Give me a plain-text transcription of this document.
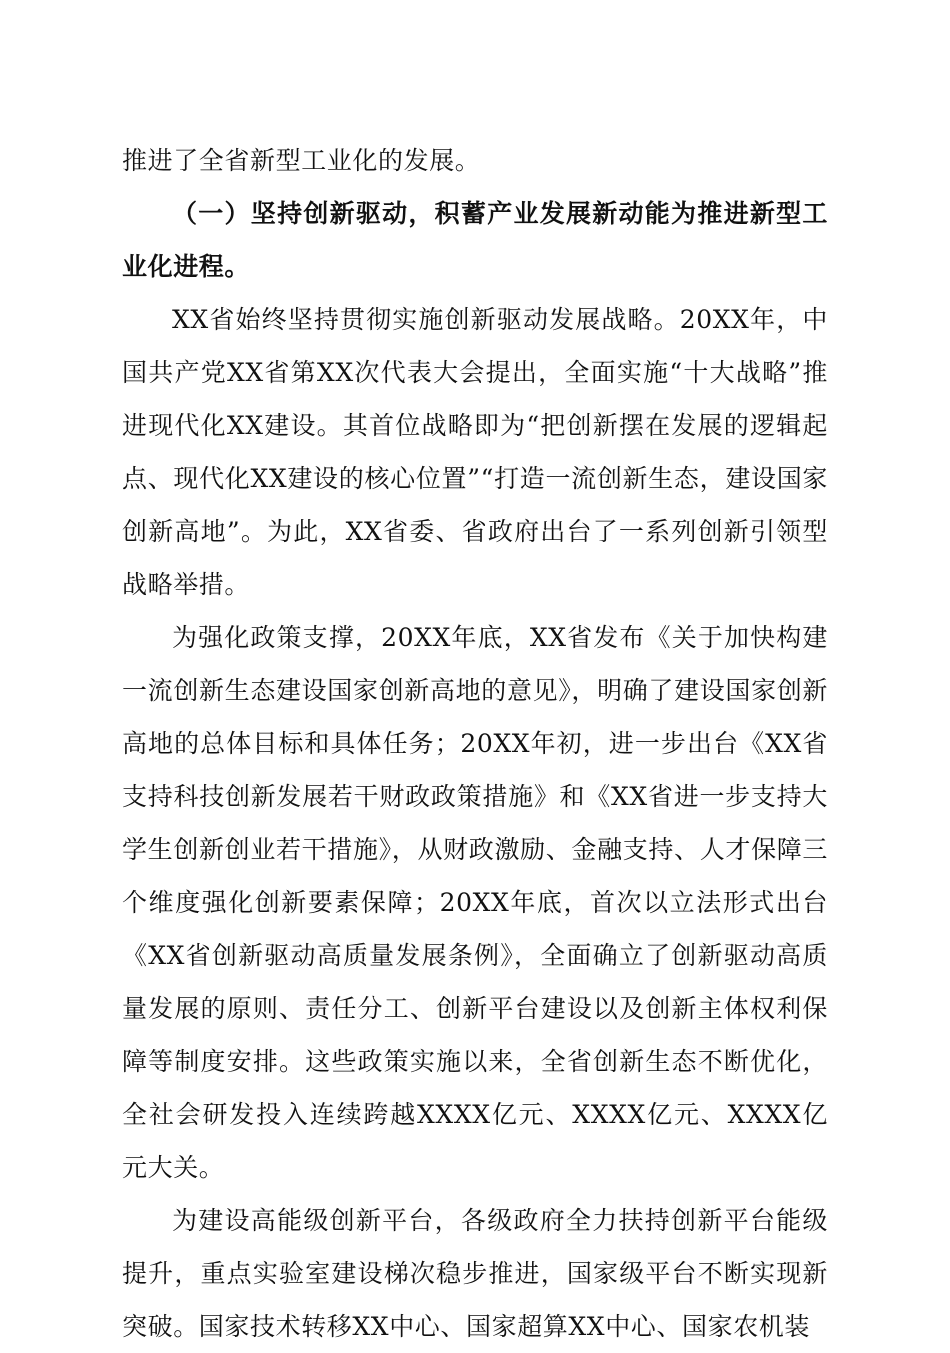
推进了全省新型工业化的发展。

（一）坚持创新驱动，积蓄产业发展新动能为推进新型工业化进程。

XX省始终坚持贯彻实施创新驱动发展战略。20XX年，中国共产党XX省第XX次代表大会提出，全面实施“十大战略”推进现代化XX建设。其首位战略即为“把创新摆在发展的逻辑起点、现代化XX建设的核心位置”“打造一流创新生态，建设国家创新高地”。为此，XX省委、省政府出台了一系列创新引领型战略举措。

为强化政策支撑，20XX年底，XX省发布《关于加快构建一流创新生态建设国家创新高地的意见》，明确了建设国家创新高地的总体目标和具体任务；20XX年初，进一步出台《XX省支持科技创新发展若干财政政策措施》和《XX省进一步支持大学生创新创业若干措施》，从财政激励、金融支持、人才保障三个维度强化创新要素保障；20XX年底，首次以立法形式出台《XX省创新驱动高质量发展条例》，全面确立了创新驱动高质量发展的原则、责任分工、创新平台建设以及创新主体权利保障等制度安排。这些政策实施以来，全省创新生态不断优化，全社会研发投入连续跨越XXXX亿元、XXXX亿元、XXXX亿元大关。

为建设高能级创新平台，各级政府全力扶持创新平台能级提升，重点实验室建设梯次稳步推进，国家级平台不断实现新突破。国家技术转移XX中心、国家超算XX中心、国家农机装
